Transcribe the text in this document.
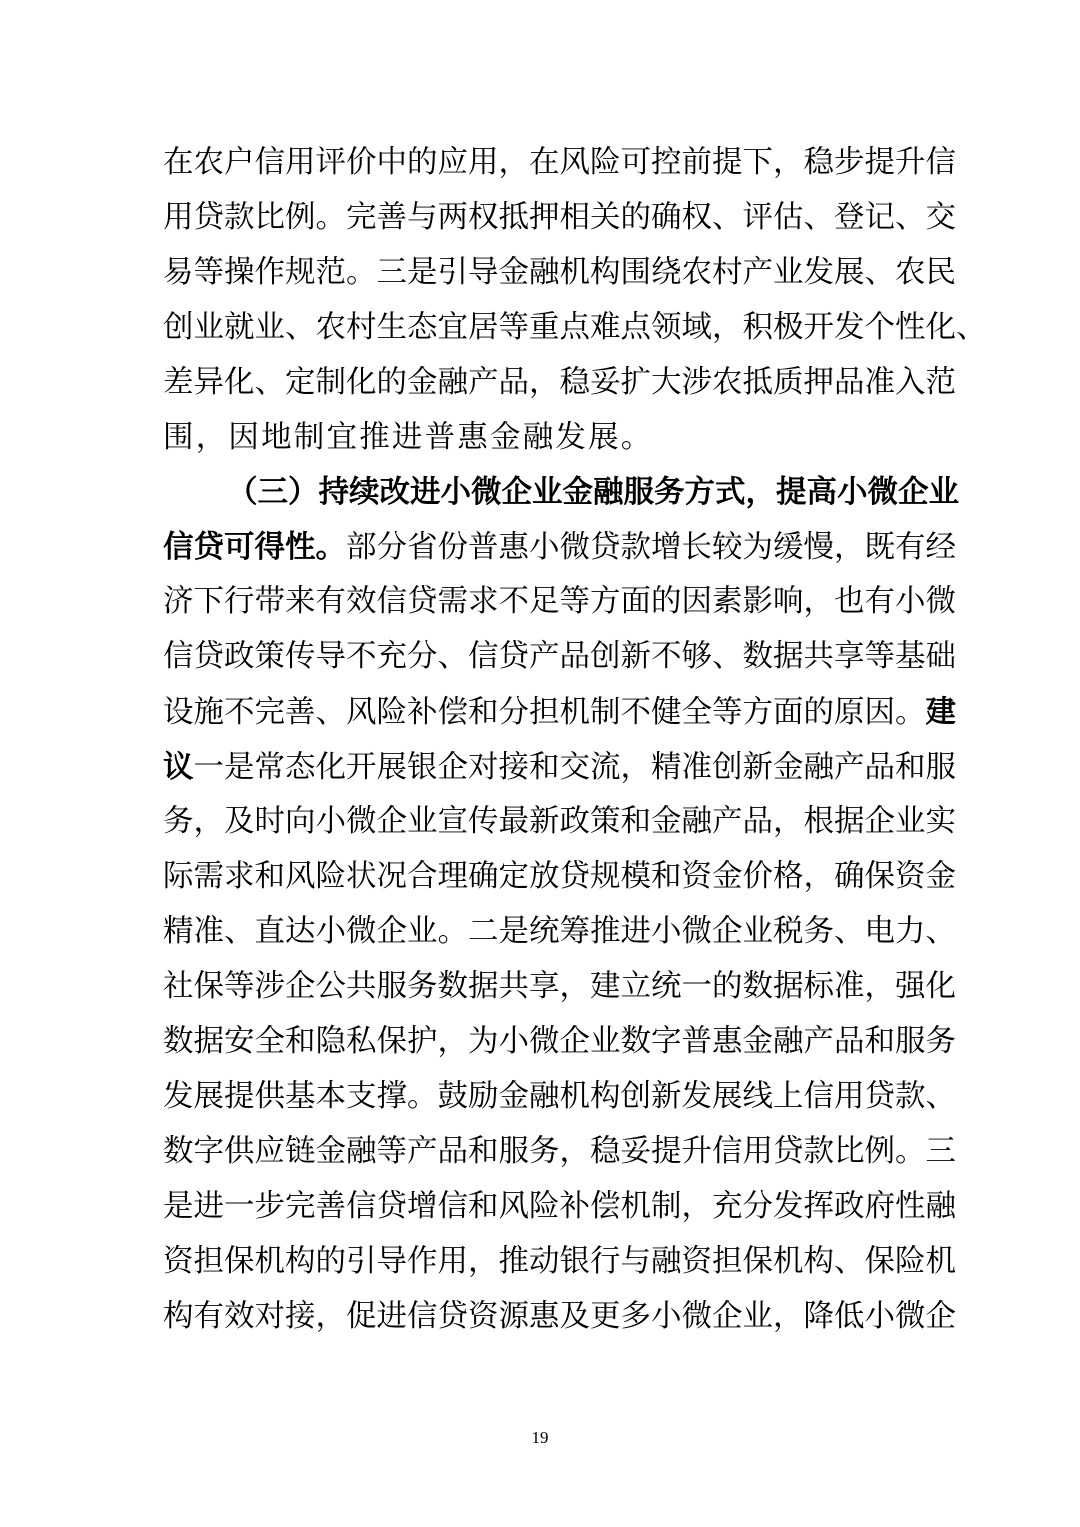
在农户信用评价中的应用，在风险可控前提下，稳步提升信
用贷款比例。完善与两权抵押相关的确权、评估、登记、交
易等操作规范。三是引导金融机构围绕农村产业发展、农民
创业就业、农村生态宜居等重点难点领域，积极开发个性化、
差异化、定制化的金融产品，稳妥扩大涉农抵质押品准入范
围，因地制宜推进普惠金融发展。
（三）持续改进小微企业金融服务方式，提高小微企业
信贷可得性。部分省份普惠小微贷款增长较为缓慢，既有经
济下行带来有效信贷需求不足等方面的因素影响，也有小微
信贷政策传导不充分、信贷产品创新不够、数据共享等基础
设施不完善、风险补偿和分担机制不健全等方面的原因。建
议一是常态化开展银企对接和交流，精准创新金融产品和服
务，及时向小微企业宣传最新政策和金融产品，根据企业实
际需求和风险状况合理确定放贷规模和资金价格，确保资金
精准、直达小微企业。二是统筹推进小微企业税务、电力、
社保等涉企公共服务数据共享，建立统一的数据标准，强化
数据安全和隐私保护，为小微企业数字普惠金融产品和服务
发展提供基本支撑。鼓励金融机构创新发展线上信用贷款、
数字供应链金融等产品和服务，稳妥提升信用贷款比例。三
是进一步完善信贷增信和风险补偿机制，充分发挥政府性融
资担保机构的引导作用，推动银行与融资担保机构、保险机
构有效对接，促进信贷资源惠及更多小微企业，降低小微企
19
